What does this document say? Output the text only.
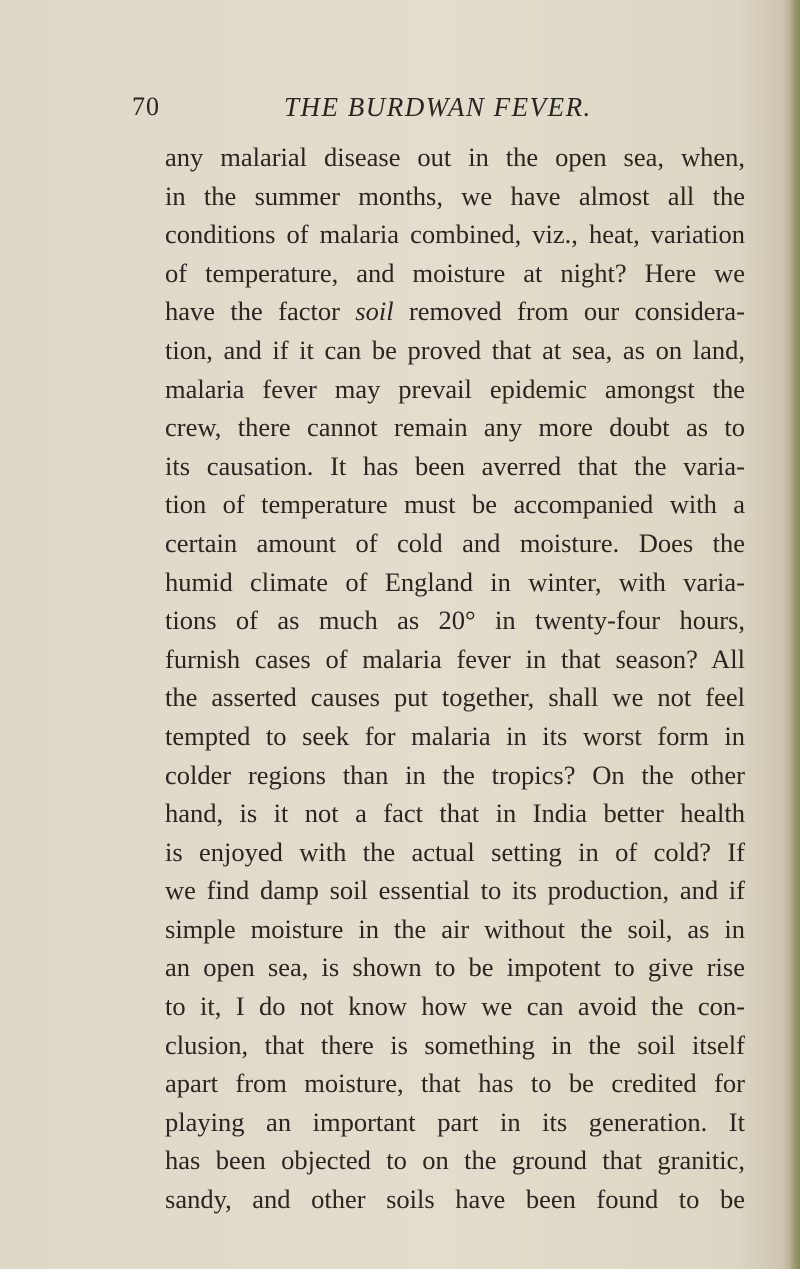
70	THE BURDWAN FEVER.
any malarial disease out in the open sea, when,
in the summer months, we have almost all the
conditions of malaria combined, viz., heat, variation
of temperature, and moisture at night? Here we
have the factor soil removed from our considera-
tion, and if it can be proved that at sea, as on land,
malaria fever may prevail epidemic amongst the
crew, there cannot remain any more doubt as to
its causation. It has been averred that the varia-
tion of temperature must be accompanied with a
certain amount of cold and moisture. Does the
humid climate of England in winter, with varia-
tions of as much as 20° in twenty-four hours,
furnish cases of malaria fever in that season? All
the asserted causes put together, shall we not feel
tempted to seek for malaria in its worst form in
colder regions than in the tropics? On the other
hand, is it not a fact that in India better health
is enjoyed with the actual setting in of cold? If
we find damp soil essential to its production, and if
simple moisture in the air without the soil, as in
an open sea, is shown to be impotent to give rise
to it, I do not know how we can avoid the con-
clusion, that there is something in the soil itself
apart from moisture, that has to be credited for
playing an important part in its generation. It
has been objected to on the ground that granitic,
sandy, and other soils have been found to be
